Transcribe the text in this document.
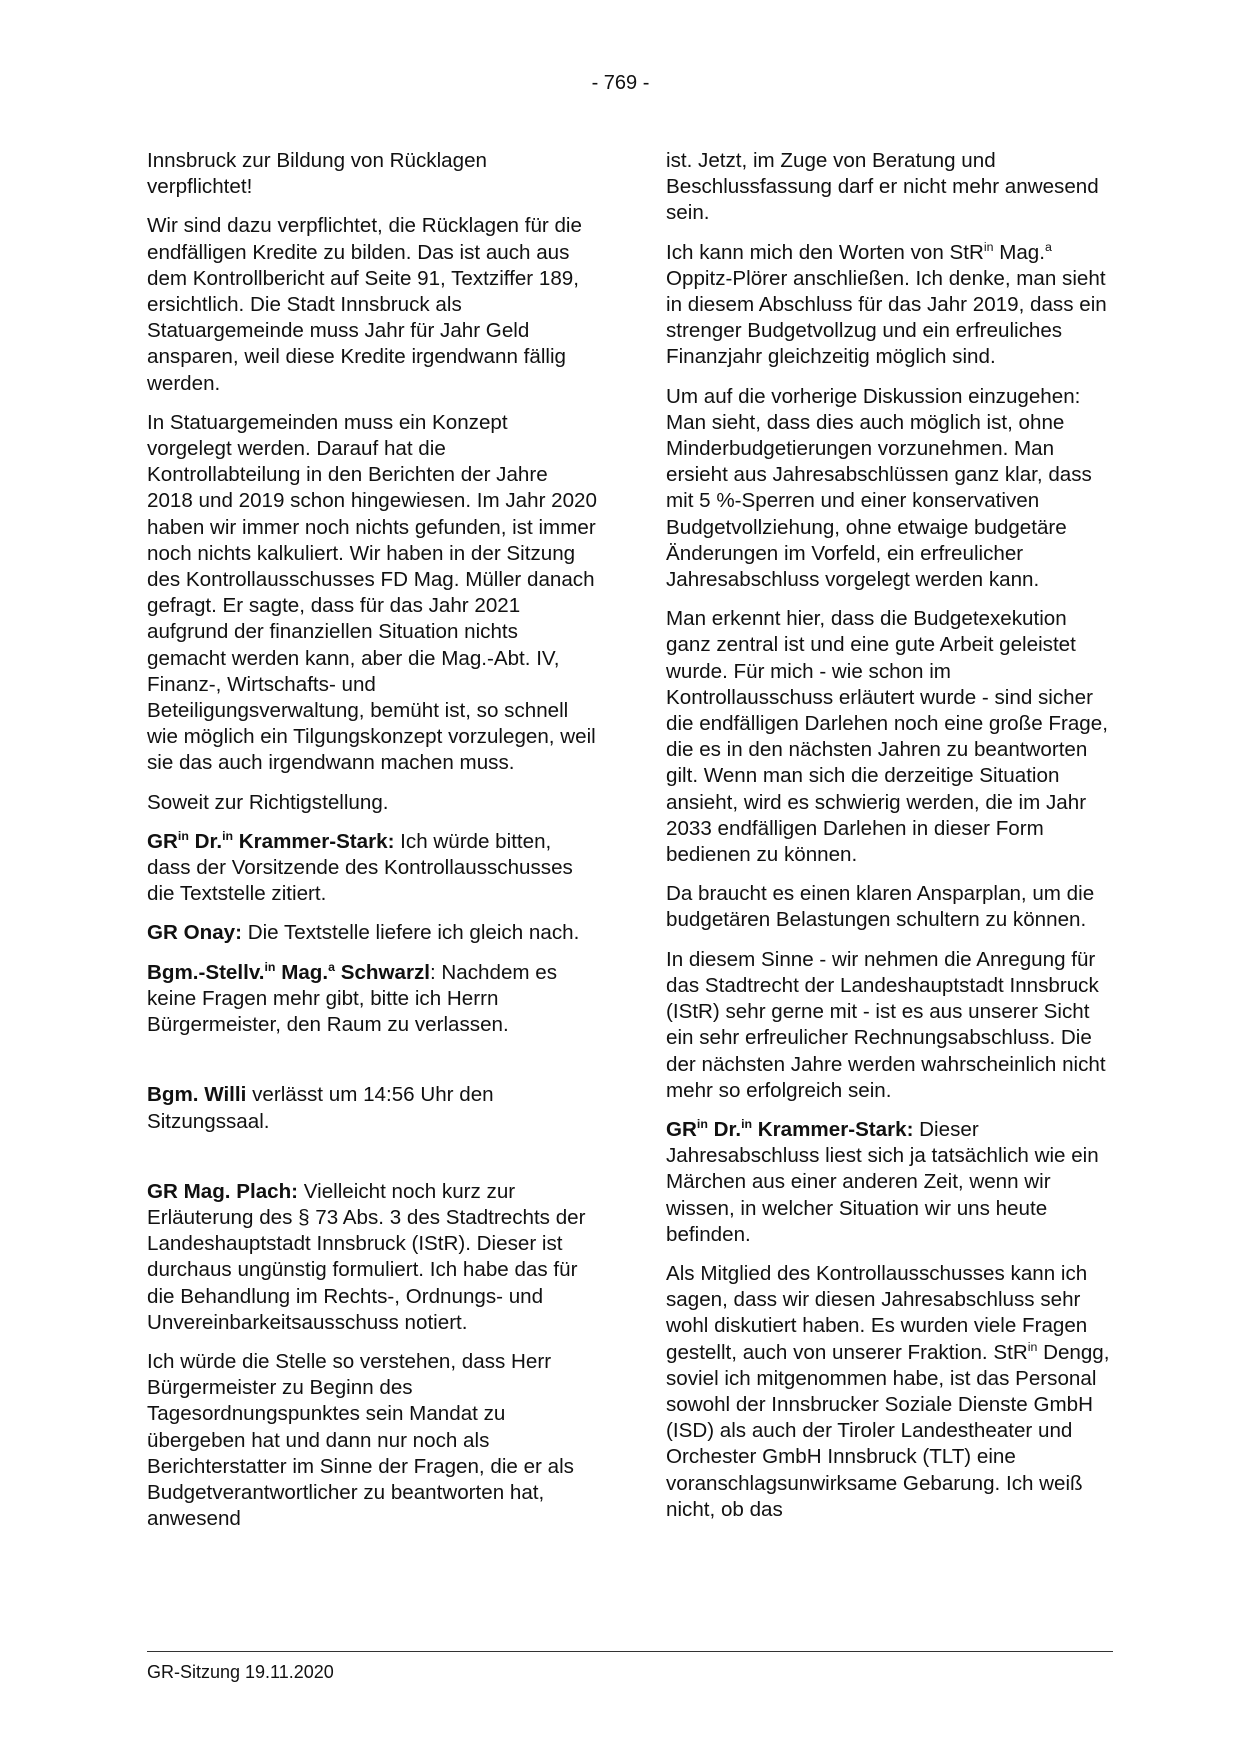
- 769 -

Innsbruck zur Bildung von Rücklagen verpflichtet!

Wir sind dazu verpflichtet, die Rücklagen für die endfälligen Kredite zu bilden. Das ist auch aus dem Kontrollbericht auf Seite 91, Textziffer 189, ersichtlich. Die Stadt Innsbruck als Statuargemeinde muss Jahr für Jahr Geld ansparen, weil diese Kredite irgendwann fällig werden.

In Statuargemeinden muss ein Konzept vorgelegt werden. Darauf hat die Kontrollabteilung in den Berichten der Jahre 2018 und 2019 schon hingewiesen. Im Jahr 2020 haben wir immer noch nichts gefunden, ist immer noch nichts kalkuliert. Wir haben in der Sitzung des Kontrollausschusses FD Mag. Müller danach gefragt. Er sagte, dass für das Jahr 2021 aufgrund der finanziellen Situation nichts gemacht werden kann, aber die Mag.-Abt. IV, Finanz-, Wirtschafts- und Beteiligungsverwaltung, bemüht ist, so schnell wie möglich ein Tilgungskonzept vorzulegen, weil sie das auch irgendwann machen muss.

Soweit zur Richtigstellung.

$GR^{in}$ Dr.$^{in}$ Krammer-Stark: Ich würde bitten, dass der Vorsitzende des Kontrollausschusses die Textstelle zitiert.

GR Onay: Die Textstelle liefere ich gleich nach.

Bgm.-Stellv.$^{in}$ Mag.$^a$ Schwarzl: Nachdem es keine Fragen mehr gibt, bitte ich Herrn Bürgermeister, den Raum zu verlassen.

Bgm. Willi verlässt um 14:56 Uhr den Sitzungssaal.

GR Mag. Plach: Vielleicht noch kurz zur Erläuterung des § 73 Abs. 3 des Stadtrechts der Landeshauptstadt Innsbruck (IStR). Dieser ist durchaus ungünstig formuliert. Ich habe das für die Behandlung im Rechts-, Ordnungs- und Unvereinbarkeitsausschuss notiert.

Ich würde die Stelle so verstehen, dass Herr Bürgermeister zu Beginn des Tagesordnungspunktes sein Mandat zu übergeben hat und dann nur noch als Berichterstatter im Sinne der Fragen, die er als Budgetverantwortlicher zu beantworten hat, anwesend

ist. Jetzt, im Zuge von Beratung und Beschlussfassung darf er nicht mehr anwesend sein.

Ich kann mich den Worten von StR$^{in}$ Mag.$^a$ Oppitz-Plörer anschließen. Ich denke, man sieht in diesem Abschluss für das Jahr 2019, dass ein strenger Budgetvollzug und ein erfreuliches Finanzjahr gleichzeitig möglich sind.

Um auf die vorherige Diskussion einzugehen: Man sieht, dass dies auch möglich ist, ohne Minderbudgetierungen vorzunehmen. Man ersieht aus Jahresabschlüssen ganz klar, dass mit 5 %-Sperren und einer konservativen Budgetvollziehung, ohne etwaige budgetäre Änderungen im Vorfeld, ein erfreulicher Jahresabschluss vorgelegt werden kann.

Man erkennt hier, dass die Budgetexekution ganz zentral ist und eine gute Arbeit geleistet wurde. Für mich - wie schon im Kontrollausschuss erläutert wurde - sind sicher die endfälligen Darlehen noch eine große Frage, die es in den nächsten Jahren zu beantworten gilt. Wenn man sich die derzeitige Situation ansieht, wird es schwierig werden, die im Jahr 2033 endfälligen Darlehen in dieser Form bedienen zu können.

Da braucht es einen klaren Ansparplan, um die budgetären Belastungen schultern zu können.

In diesem Sinne - wir nehmen die Anregung für das Stadtrecht der Landeshauptstadt Innsbruck (IStR) sehr gerne mit - ist es aus unserer Sicht ein sehr erfreulicher Rechnungsabschluss. Die der nächsten Jahre werden wahrscheinlich nicht mehr so erfolgreich sein.

$GR^{in}$ Dr.$^{in}$ Krammer-Stark: Dieser Jahresabschluss liest sich ja tatsächlich wie ein Märchen aus einer anderen Zeit, wenn wir wissen, in welcher Situation wir uns heute befinden.

Als Mitglied des Kontrollausschusses kann ich sagen, dass wir diesen Jahresabschluss sehr wohl diskutiert haben. Es wurden viele Fragen gestellt, auch von unserer Fraktion. StR$^{in}$ Dengg, soviel ich mitgenommen habe, ist das Personal sowohl der Innsbrucker Soziale Dienste GmbH (ISD) als auch der Tiroler Landestheater und Orchester GmbH Innsbruck (TLT) eine voranschlagsunwirksame Gebarung. Ich weiß nicht, ob das

GR-Sitzung 19.11.2020
